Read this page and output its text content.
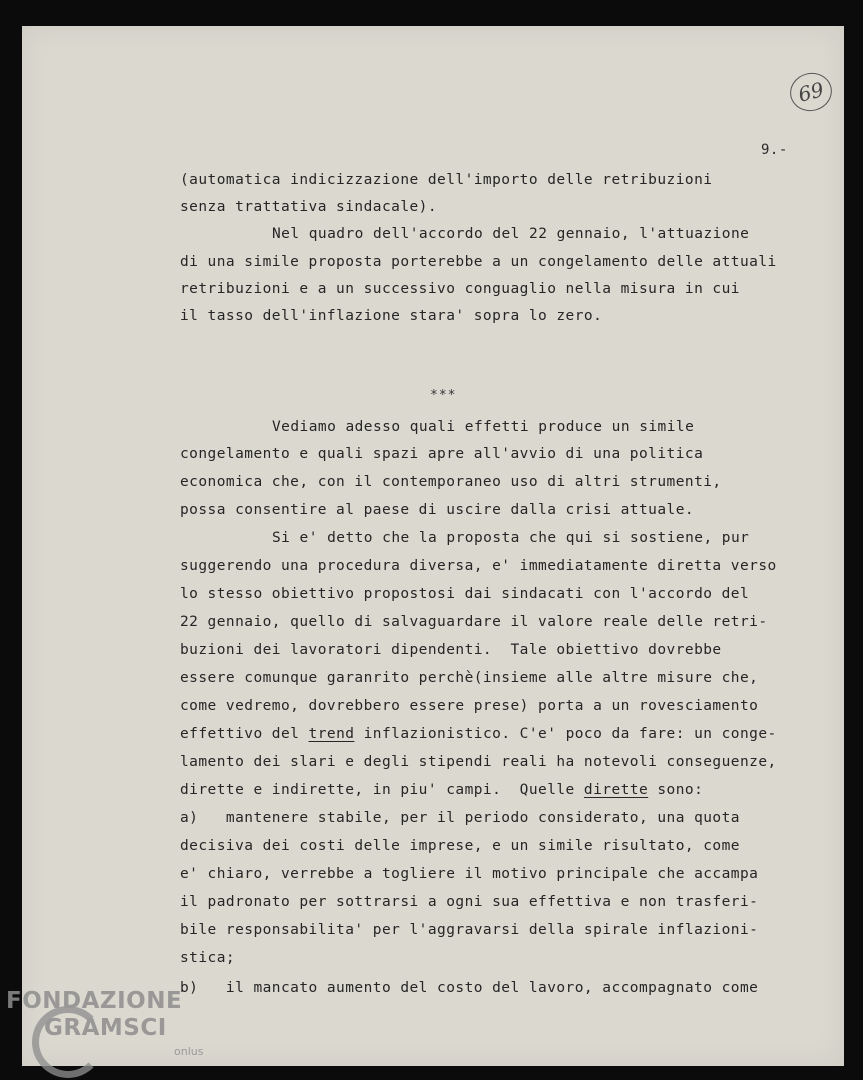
69
9.-
(automatica indicizzazione dell'importo delle retribuzioni
senza trattativa sindacale).
Nel quadro dell'accordo del 22 gennaio, l'attuazione
di una simile proposta porterebbe a un congelamento delle attuali
retribuzioni e a un successivo conguaglio nella misura in cui
il tasso dell'inflazione stara' sopra lo zero.
***
Vediamo adesso quali effetti produce un simile
congelamento e quali spazi apre all'avvio di una politica
economica che, con il contemporaneo uso di altri strumenti,
possa consentire al paese di uscire dalla crisi attuale.
Si e' detto che la proposta che qui si sostiene, pur
suggerendo una procedura diversa, e' immediatamente diretta verso
lo stesso obiettivo propostosi dai sindacati con l'accordo del
22 gennaio, quello di salvaguardare il valore reale delle retri-
buzioni dei lavoratori dipendenti.  Tale obiettivo dovrebbe
essere comunque garanrito perchè(insieme alle altre misure che,
come vedremo, dovrebbero essere prese) porta a un rovesciamento
effettivo del trend inflazionistico. C'e' poco da fare: un conge-
lamento dei slari e degli stipendi reali ha notevoli conseguenze,
dirette e indirette, in piu' campi.  Quelle dirette sono:
a)   mantenere stabile, per il periodo considerato, una quota
decisiva dei costi delle imprese, e un simile risultato, come
e' chiaro, verrebbe a togliere il motivo principale che accampa
il padronato per sottrarsi a ogni sua effettiva e non trasferi-
bile responsabilita' per l'aggravarsi della spirale inflazioni-
stica;
b)   il mancato aumento del costo del lavoro, accompagnato come
FONDAZIONE
GRAMSCI
onlus
